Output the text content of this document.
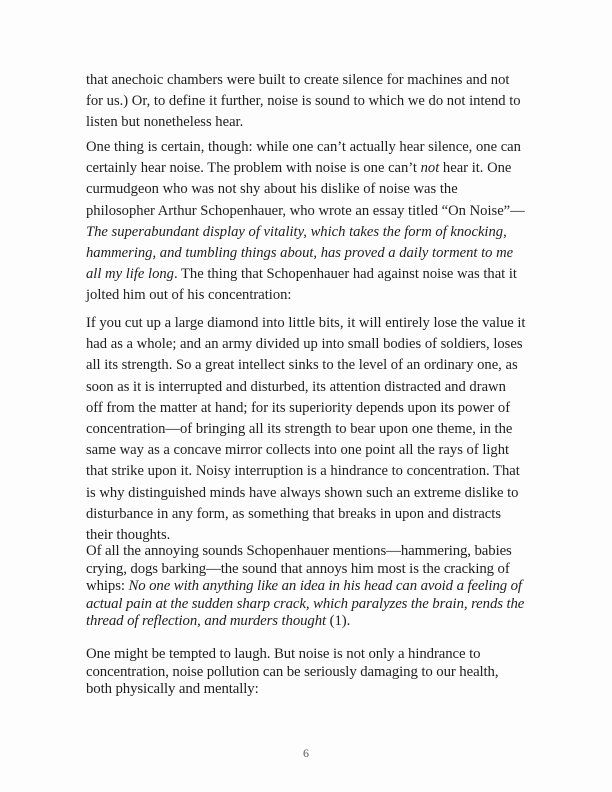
that anechoic chambers were built to create silence for machines and not for us.) Or, to define it further, noise is sound to which we do not intend to listen but nonetheless hear.

One thing is certain, though: while one can’t actually hear silence, one can certainly hear noise. The problem with noise is one can’t not hear it. One curmudgeon who was not shy about his dislike of noise was the philosopher Arthur Schopenhauer, who wrote an essay titled “On Noise”—The superabundant display of vitality, which takes the form of knocking, hammering, and tumbling things about, has proved a daily torment to me all my life long. The thing that Schopenhauer had against noise was that it jolted him out of his concentration:

If you cut up a large diamond into little bits, it will entirely lose the value it had as a whole; and an army divided up into small bodies of soldiers, loses all its strength. So a great intellect sinks to the level of an ordinary one, as soon as it is interrupted and disturbed, its attention distracted and drawn off from the matter at hand; for its superiority depends upon its power of concentration—of bringing all its strength to bear upon one theme, in the same way as a concave mirror collects into one point all the rays of light that strike upon it. Noisy interruption is a hindrance to concentration. That is why distinguished minds have always shown such an extreme dislike to disturbance in any form, as something that breaks in upon and distracts their thoughts.

Of all the annoying sounds Schopenhauer mentions—hammering, babies crying, dogs barking—the sound that annoys him most is the cracking of whips: No one with anything like an idea in his head can avoid a feeling of actual pain at the sudden sharp crack, which paralyzes the brain, rends the thread of reflection, and murders thought (1).

One might be tempted to laugh. But noise is not only a hindrance to concentration, noise pollution can be seriously damaging to our health, both physically and mentally:

6
